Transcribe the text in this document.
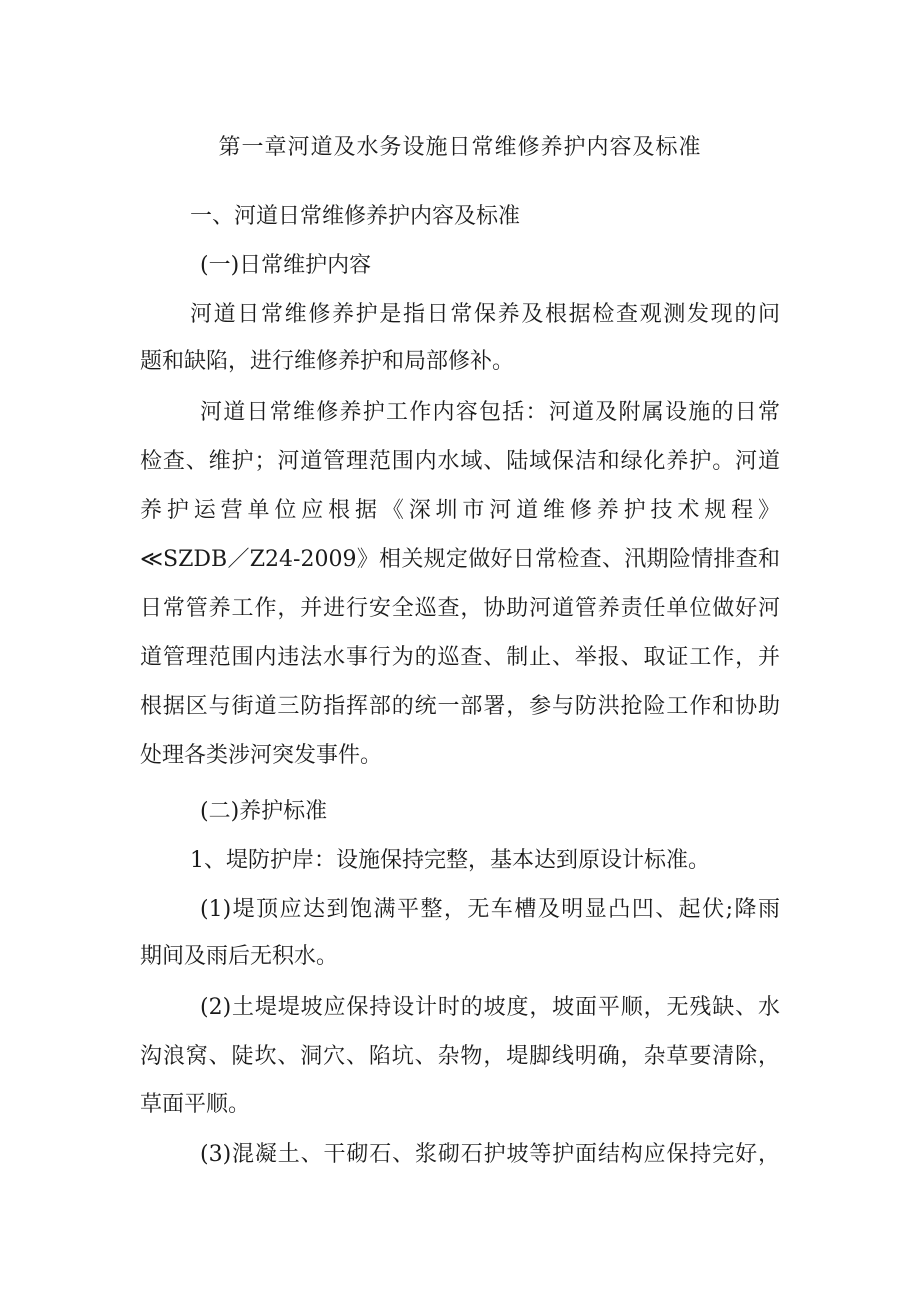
第一章河道及水务设施日常维修养护内容及标准
一、河道日常维修养护内容及标准
(一)日常维护内容
河道日常维修养护是指日常保养及根据检查观测发现的问
题和缺陷，进行维修养护和局部修补。
河道日常维修养护工作内容包括：河道及附属设施的日常
检查、维护；河道管理范围内水域、陆域保洁和绿化养护。河道
养护运营单位应根据《深圳市河道维修养护技术规程》
≪SZDB／Z24-2009》相关规定做好日常检查、汛期险情排查和
日常管养工作，并进行安全巡查，协助河道管养责任单位做好河
道管理范围内违法水事行为的巡查、制止、举报、取证工作，并
根据区与街道三防指挥部的统一部署，参与防洪抢险工作和协助
处理各类涉河突发事件。
(二)养护标准
1、堤防护岸：设施保持完整，基本达到原设计标准。
(1)堤顶应达到饱满平整，无车槽及明显凸凹、起伏;降雨
期间及雨后无积水。
(2)土堤堤坡应保持设计时的坡度，坡面平顺，无残缺、水
沟浪窝、陡坎、洞穴、陷坑、杂物，堤脚线明确，杂草要清除，
草面平顺。
(3)混凝土、干砌石、浆砌石护坡等护面结构应保持完好，
